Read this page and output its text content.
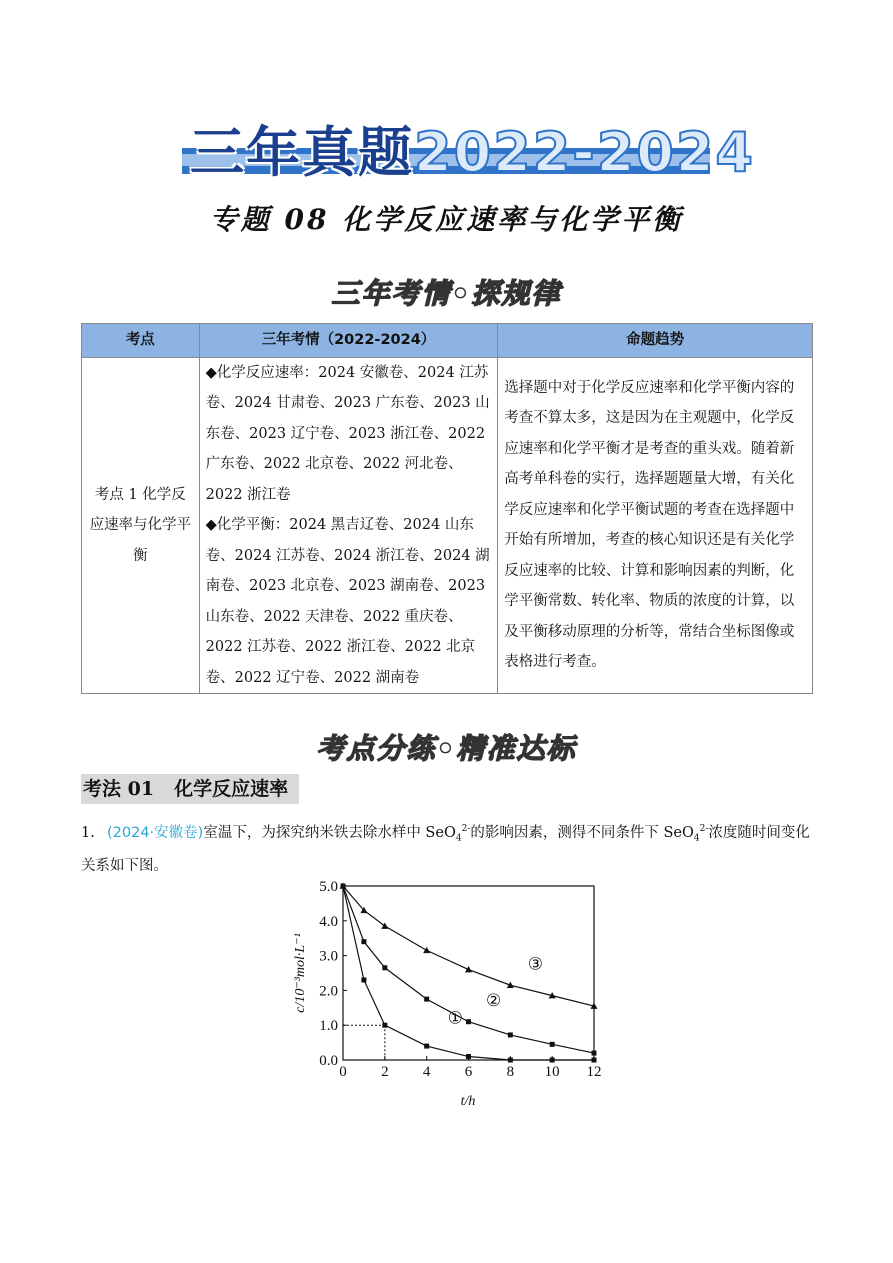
三年真题2022-2024
专题 08 化学反应速率与化学平衡
三年考情•探规律
考点	三年考情（2022-2024）	命题趋势
考点 1 化学反应速率与化学平衡	◆化学反应速率：2024 安徽卷、2024 江苏卷、2024 甘肃卷、2023 广东卷、2023 山东卷、2023 辽宁卷、2023 浙江卷、2022 广东卷、2022 北京卷、2022 河北卷、2022 浙江卷
◆化学平衡：2024 黑吉辽卷、2024 山东卷、2024 江苏卷、2024 浙江卷、2024 湖南卷、2023 北京卷、2023 湖南卷、2023 山东卷、2022 天津卷、2022 重庆卷、2022 江苏卷、2022 浙江卷、2022 北京卷、2022 辽宁卷、2022 湖南卷	选择题中对于化学反应速率和化学平衡内容的考查不算太多，这是因为在主观题中，化学反应速率和化学平衡才是考查的重头戏。随着新高考单科卷的实行，选择题题量大增，有关化学反应速率和化学平衡试题的考查在选择题中开始有所增加，考查的核心知识还是有关化学反应速率的比较、计算和影响因素的判断，化学平衡常数、转化率、物质的浓度的计算，以及平衡移动原理的分析等，常结合坐标图像或表格进行考查。
考点分练•精准达标
考法 01 化学反应速率
1. (2024·安徽卷)室温下，为探究纳米铁去除水样中 SeO$_4^{2-}$的影响因素，测得不同条件下 SeO$_4^{2-}$浓度随时间变化关系如下图。
0 2 4 6 8 10 12
0.0
1.0
2.0
3.0
4.0
5.0
①
②
③
c/10⁻³mol·L⁻¹
t/h
